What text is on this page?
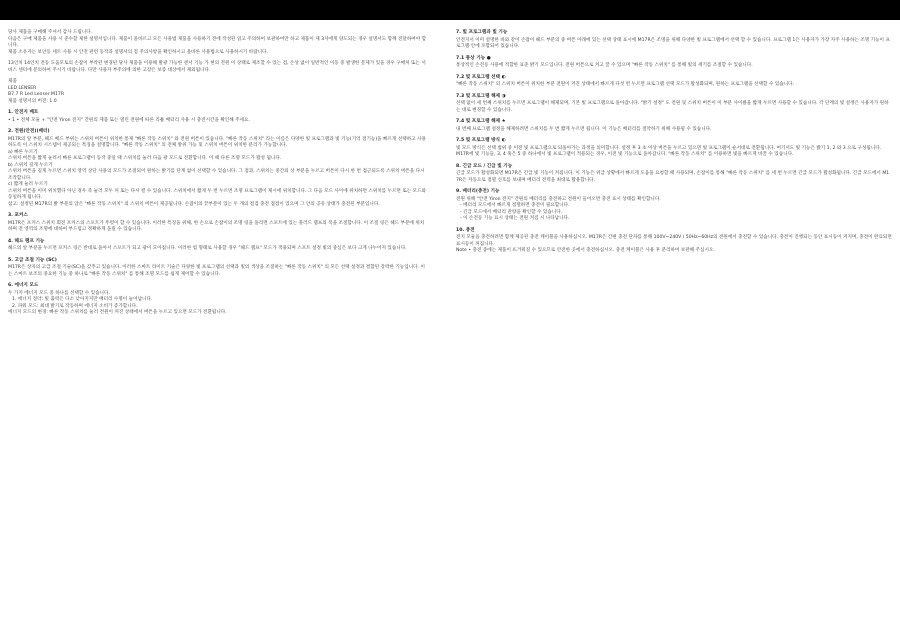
당사 제품을 구매해 주셔서 감사 드립니다.
다음은 구매 제품을 사용 시 준수할 제한 설명서입니다. 제품이 올바르고 모든 사용법 제품을 사용하기 전에 작성된 읽고 주의하여 보관하여만 하고 제품이 제 3자에게 양도되는 경우 설명서도 함께 전달하여야 합니다.
제품 소유자는 보안등 세트 사용 시 안전 관련 동작과 설명서의 점 주의사항을 확인하시고 올바른 사용법으로 사용하시기 바랍니다.
13인치 14인치 전동 도움모토의 손잡이 부착된 변경된 당사 제품을 이용해 발광 가능한 센서 기능 가 현의 전원 이 상태로 제조할 수 있는 점, 손상 없이 일반적인 이동 중 발생한 문제가 있을 경우 구매처 또는 서비스 센터에 문의하여 주시기 바랍니다. 다만 사용자 부주의에 의한 고장은 보증 대상에서 제외됩니다.
제품
LED LENSER
B7.7 R Led Lenser M17R
제품 설명서의 버전: 1.0
1. 안전지 배트
• 1 • 전체 모듈 + "안전 Yiron 전지" 간편의 제품 또는 열린 전원에 따른 리튬 배터리 사용 시 충전시간을 확인해 주세요.
2. 전원(안전)(배터)
M17R의 앞 부분, 헤드 베드 부위는 스위치 버튼이 위치한 통제 "빠른 작동 스위치" 와 전원 버튼이 있습니다. "빠른 작동 스위치" 라는 이름은 다양한 빛 프로그램과 빛 기능(기억 점기능)을 빠르게 선택하고 사용하도록 이 스위치 시스템이 제공되는 특징을 설명합니다. "빠른 작동 스위치" 의 전체 방위 가능 및 스위치 버튼이 위치한 분리가 가능합니다.
a) 빠른 누르기
스위치 버튼을 짧게 눌러서 빠른 프로그램이 동작 중일 때 스위치를 눌러 다음 광 모드로 전환합니다. 이 때 다른 조명 모드가 활성 됩니다.
b) 스위치 길게 누르기
스위치 버튼을 길게 누르면 스위치 영역 상단 사용의 모드가 조절되어 원하는 밝기를 단계 없이 선택할 수 있습니다. 그 점과, 스위치는 중간의 상 부분을 누르고 버튼이 다시 한 번 접근되도록 스위치 버튼을 다시 조작합니다.
c) 짧게 눌러 누르기
스위치 버튼을 이미 위치했다 아닌 경우 즉 눌러 모두 꺼 또는 다시 켤 수 있습니다. 스위치에서 짧게 두 번 누르면 조명 프로그램이 제시에 위치합니다. 그 다음 모드 사이에 위치하면 스위치를 누르면 또는 모드와 동일하게 됩니다.
참고: 설정된 M17R의 밝 부분의 암은 "빠른 작동 스위치" 의 스위치 버튼이 제공됩니다. 손잡이의 끝부분이 있는 두 개의 점검 충전 접점이 있으며 그 안의 공유 상태가 충전된 부분입니다.
3. 포커스
M17R은 포커스 스위치 회전 포커스의 스포트가 뚜렷이 할 수 있습니다. 이러한 특징을 위해, 한 손으로 손잡이의 조명 링을 돌리면 스포트에 있는 플러드 램프의 폭을 조절합니다. 이 조절 링은 헤드 부분에 위치하며 전 영역의 조명에 대하여 부드럽고 정확하게 돌릴 수 있습니다.
4. 헤드 램프 기능
헤드의 앞 부분을 누르면 포커스 링은 반대로 돌아서 스포트가 되고 광이 모아집니다. 이러한 빔 형태로 사용할 경우 "헤드 램프" 모드가 적용되며 스포트 설정 빛의 중심은 보다 크게 나누어져 있습니다.
5. 고급 조절 기능 (SC)
M17R은 상자의 고급 조절 기술(SC)을 갖추고 있습니다. 이러한 스마트 라이트 기술은 다양한 빛 프로그램의 선택과 빛의 색상을 조절하는 "빠른 작동 스위치" 의 모든 선택 설정과 결합된 강력한 기능입니다. 이는 스마트 보조의 중요한 기능 중 하나로 "빠른 작동 스위치" 를 통해 조명 모드를 쉽게 제어할 수 있습니다.
6. 에너지 모드
두 가지 에너지 모드 중 하나를 선택할 수 있습니다.
1. 에너지 절약: 빛 출력은 다소 낮아지지만 배터리 수명이 늘어납니다.
2. 파워 모드: 최대 밝기로 작동하며 에너지 소비가 증가합니다.
에너지 모드의 변경: 빠른 작동 스위치를 눌러 전원이 꺼진 상태에서 버튼을 누르고 있으면 모드가 전환됩니다.
7. 빛 프로그램과 빛 기능
안전지서 이미 설명한 바와 같이 손잡이 헤드 부분의 중 버튼 아래에 있는 선택 상태 표시에 M17R은 조명을 위해 다양한 빛 프로그램에서 선택 할 수 있습니다. 프로그램 1은 사용자가 가장 자주 사용하는 조명 기능이 프로그램 안에 포함되어 있습니다.
7.1 통상 기능 ●
통상적인 손전등 사용에 적합한 표준 밝기 모드입니다. 전원 버튼으로 켜고 끌 수 있으며 "빠른 작동 스위치" 를 통해 빛의 세기를 조절할 수 있습니다.
7.2 빛 프로그램 선택 ◐
"빠른 작동 스위치" 의 스위치 버튼이 위치한 부분 전원이 켜진 상태에서 빠르게 다섯 번 누르면 프로그램 선택 모드가 활성화되며, 원하는 프로그램을 선택할 수 있습니다.
7.3 빛 프로그램 해제 ◑
선택 없이 세 번째 스위치를 누르면 프로그램이 해제되며, 기본 빛 프로그램으로 돌아갑니다. "밝기 설정" 도 전원 및 스위치 버튼이 이 부분 사이클을 짧게 누르면 사용할 수 있습니다. 각 단계의 빛 설정은 사용자가 원하는 대로 변경할 수 있습니다.
7.4 빛 프로그램 해제 ★
내 번째 프로그램 설정을 해제하려면 스위치를 두 번 짧게 누르면 됩니다. 이 기능은 배터리를 절약하기 위해 사용될 수 있습니다.
7.5 빛 프로그램 방식 ◐
빛 모드 방식은 선택 범위 중 이전 빛 프로그램으로 되돌아가는 과정을 의미합니다. 설정 후 3 초 이상 버튼을 누르고 있으면 빛 프로그램이 순서대로 전환됩니다. 여기서도 빛 기능은 밝기 1, 2 와 3 으로 구성됩니다.
M17R에 빛 기능들, 3, 4 혹은 5 중 하나에서 빛 프로그램이 적용되는 경우, 이전 빛 기능으로 돌아갑니다. "빠른 작동 스위치" 를 이용하면 빛을 빠르게 바꿀 수 있습니다.
8. 긴급 모드 / 긴급 빛 기능
긴급 모드가 활성화되면 M17R은 긴급 빛 기능이 켜집니다. 이 기능은 위급 상황에서 빠르게 도움을 요청할 때 사용되며, 손잡이를 통해 "빠른 작동 스위치" 를 세 번 누르면 긴급 모드가 활성화됩니다. 긴급 모드에서 M17R은 자동으로 점멸 신호를 보내며 배터리 전력을 최대로 활용합니다.
9. 배터리(충전) 기능
전원 위해 "안전 Yiron 전지" 간편의 배터리를 충전하고 전원이 들어오면 충전 표시 상태를 확인합니다.
- 배터리 모드에서 빠르게 점멸하면 충전이 필요합니다.
- 긴급 모드에서 배터리 잔량을 확인할 수 있습니다.
- 이 손전등 기능 표시 상태는 전원 켜짐 시 나타납니다.
10. 충전
전지 모듈을 충전하려면 함께 제공된 충전 케이블을 사용하십시오. M17R은 간편 충전 단자를 통해 100V~240V / 50Hz~60Hz의 전원에서 충전할 수 있습니다. 충전이 진행되는 동안 표시등이 켜지며, 충전이 완료되면 표시등이 꺼집니다.
Note • 충전 중에는 제품이 뜨거워질 수 있으므로 안전한 곳에서 충전하십시오. 충전 케이블은 사용 후 분리하여 보관해 주십시오.
